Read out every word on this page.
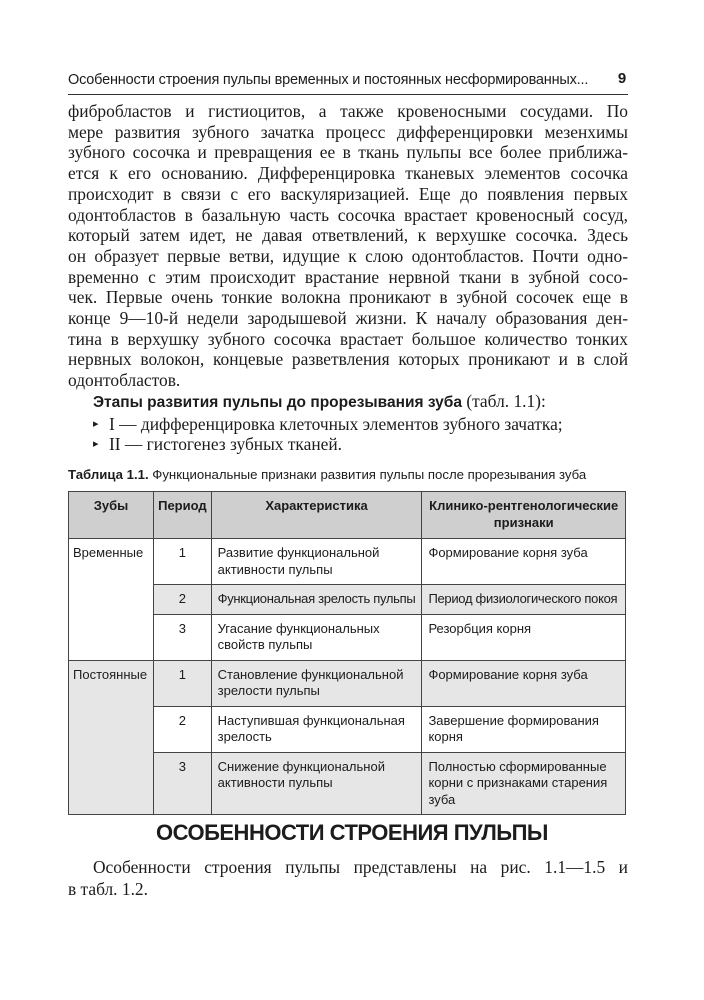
Особенности строения пульпы временных и постоянных несформированных... 9

фибробластов и гистиоцитов, а также кровеносными сосудами. По
мере развития зубного зачатка процесс дифференцировки мезенхимы
зубного сосочка и превращения ее в ткань пульпы все более приближа-
ется к его основанию. Дифференцировка тканевых элементов сосочка
происходит в связи с его васкуляризацией. Еще до появления первых
одонтобластов в базальную часть сосочка врастает кровеносный сосуд,
который затем идет, не давая ответвлений, к верхушке сосочка. Здесь
он образует первые ветви, идущие к слою одонтобластов. Почти одно-
временно с этим происходит врастание нервной ткани в зубной сосо-
чек. Первые очень тонкие волокна проникают в зубной сосочек еще в
конце 9—10-й недели зародышевой жизни. К началу образования ден-
тина в верхушку зубного сосочка врастает большое количество тонких
нервных волокон, концевые разветвления которых проникают и в слой

одонтобластов.

Этапы развития пульпы до прорезывания зуба (табл. 1.1):

▸ I — дифференцировка клеточных элементов зубного зачатка;
▸ II — гистогенез зубных тканей.
Таблица 1.1. Функциональные признаки развития пульпы после прорезывания зуба
Зубы	Период	Характеристика	Клинико-рентгенологические признаки
Временные	1	Развитие функциональной активности пульпы	Формирование корня зуба
	2	Функциональная зрелость пульпы	Период физиологического покоя
	3	Угасание функциональных свойств пульпы	Резорбция корня
Постоянные	1	Становление функциональной зрелости пульпы	Формирование корня зуба
	2	Наступившая функциональная зрелость	Завершение формирования корня
	3	Снижение функциональной активности пульпы	Полностью сформированные корни с признаками старения зуба
ОСОБЕННОСТИ СТРОЕНИЯ ПУЛЬПЫ
Особенности строения пульпы представлены на рис. 1.1—1.5 и
в табл. 1.2.
